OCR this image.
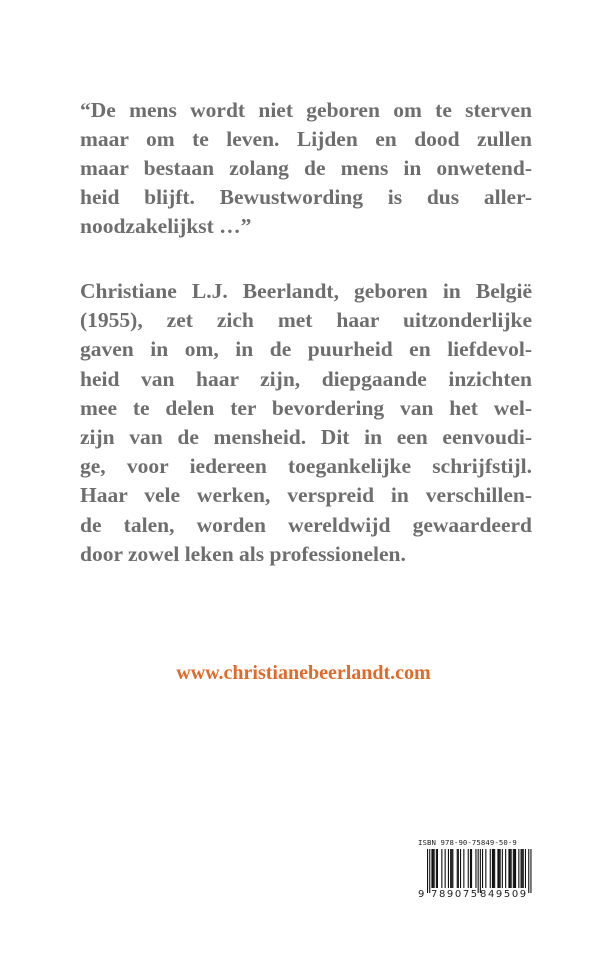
“De mens wordt niet geboren om te sterven
maar om te leven. Lijden en dood zullen
maar bestaan zolang de mens in onwetend-
heid blijft. Bewustwording is dus aller-
noodzakelijkst …”

Christiane L.J. Beerlandt, geboren in België
(1955), zet zich met haar uitzonderlijke
gaven in om, in de puurheid en liefdevol-
heid van haar zijn, diepgaande inzichten
mee te delen ter bevordering van het wel-
zijn van de mensheid. Dit in een eenvoudi-
ge, voor iedereen toegankelijke schrijfstijl.
Haar vele werken, verspreid in verschillen-
de talen, worden wereldwijd gewaardeerd
door zowel leken als professionelen.

www.christianebeerlandt.com
ISBN 978-90-75849-50-9
9 789075 849509
